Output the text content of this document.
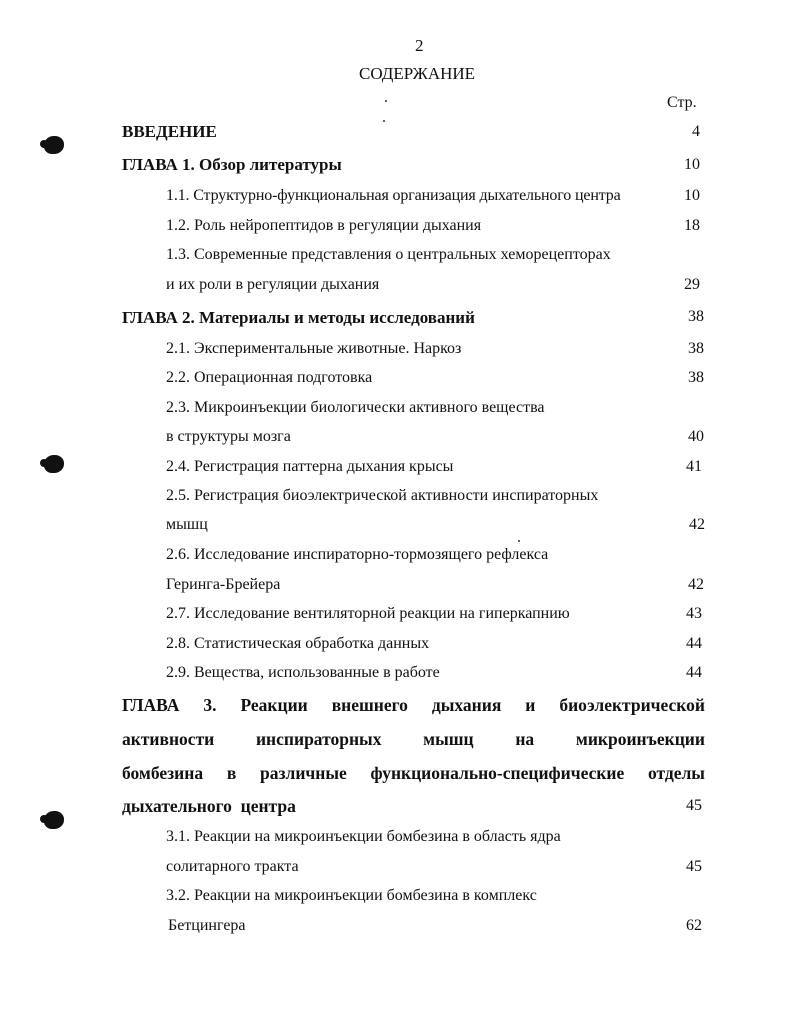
2
СОДЕРЖАНИЕ
Стр.
ВВЕДЕНИЕ	4
ГЛАВА 1. Обзор литературы	10
1.1. Структурно-функциональная организация дыхательного центра	10
1.2. Роль нейропептидов в регуляции дыхания	18
1.3. Современные представления о центральных хеморецепторах
и их роли в регуляции дыхания	29
ГЛАВА 2. Материалы и методы исследований	38
2.1. Экспериментальные животные. Наркоз	38
2.2. Операционная подготовка	38
2.3. Микроинъекции биологически активного вещества
в структуры мозга	40
2.4. Регистрация паттерна дыхания крысы	41
2.5. Регистрация биоэлектрической активности инспираторных
мышц	42
2.6. Исследование инспираторно-тормозящего рефлекса
Геринга-Брейера	42
2.7. Исследование вентиляторной реакции на гиперкапнию	43
2.8. Статистическая обработка данных	44
2.9. Вещества, использованные в работе	44
ГЛАВА 3. Реакции внешнего дыхания и биоэлектрической
активности инспираторных мышц на микроинъекции
бомбезина в различные функционально-специфические отделы
дыхательного  центра	45
3.1. Реакции на микроинъекции бомбезина в область ядра
солитарного тракта	45
3.2. Реакции на микроинъекции бомбезина в комплекс
Бетцингера	62
